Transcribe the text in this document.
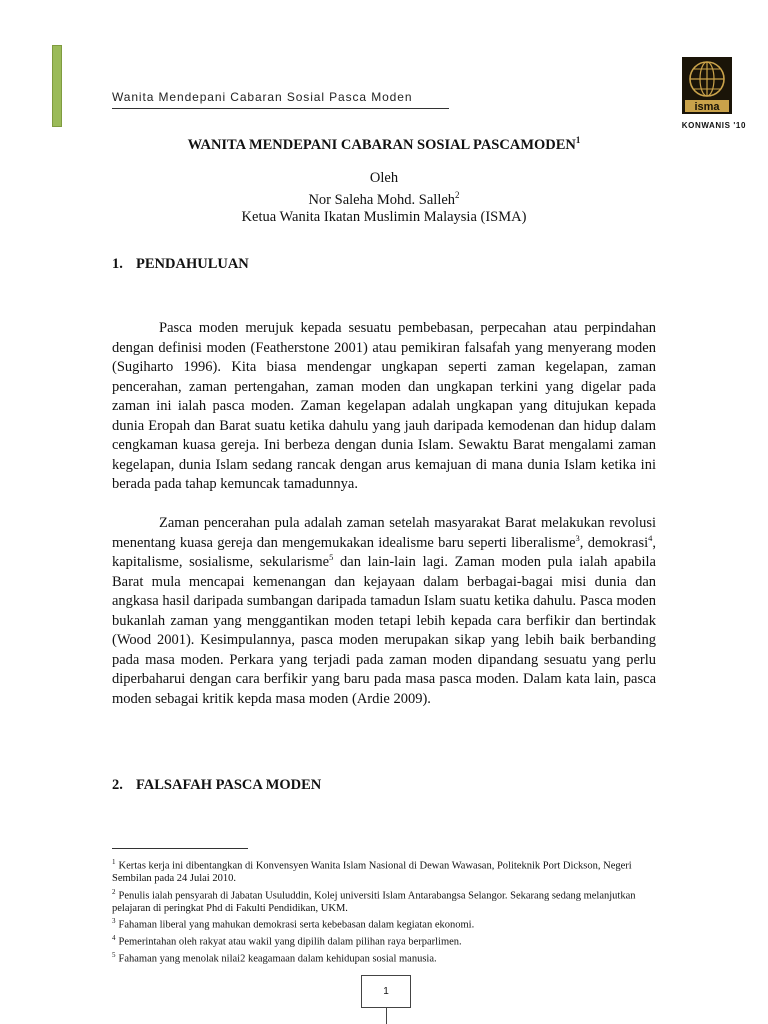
Wanita Mendepani Cabaran Sosial Pasca Moden
isma
KONWANIS '10
WANITA MENDEPANI CABARAN SOSIAL PASCAMODEN$^1$
Oleh
Nor Saleha Mohd. Salleh$^2$
Ketua Wanita Ikatan Muslimin Malaysia (ISMA)
1. PENDAHULUAN

Pasca moden merujuk kepada sesuatu pembebasan, perpecahan atau perpindahan dengan definisi moden (Featherstone 2001) atau pemikiran falsafah yang menyerang moden (Sugiharto 1996). Kita biasa mendengar ungkapan seperti zaman kegelapan, zaman pencerahan, zaman pertengahan, zaman moden dan ungkapan terkini yang digelar pada zaman ini ialah pasca moden. Zaman kegelapan adalah ungkapan yang ditujukan kepada dunia Eropah dan Barat suatu ketika dahulu yang jauh daripada kemodenan dan hidup dalam cengkaman kuasa gereja. Ini berbeza dengan dunia Islam. Sewaktu Barat mengalami zaman kegelapan, dunia Islam sedang rancak dengan arus kemajuan di mana dunia Islam ketika ini berada pada tahap kemuncak tamadunnya.

Zaman pencerahan pula adalah zaman setelah masyarakat Barat melakukan revolusi menentang kuasa gereja dan mengemukakan idealisme baru seperti liberalisme$^3$, demokrasi$^4$, kapitalisme, sosialisme, sekularisme$^5$ dan lain-lain lagi. Zaman moden pula ialah apabila Barat mula mencapai kemenangan dan kejayaan dalam berbagai-bagai misi dunia dan angkasa hasil daripada sumbangan daripada tamadun Islam suatu ketika dahulu. Pasca moden bukanlah zaman yang menggantikan moden tetapi lebih kepada cara berfikir dan bertindak (Wood 2001). Kesimpulannya, pasca moden merupakan sikap yang lebih baik berbanding pada masa moden. Perkara yang terjadi pada zaman moden dipandang sesuatu yang perlu diperbaharui dengan cara berfikir yang baru pada masa pasca moden. Dalam kata lain, pasca moden sebagai kritik kepda masa moden (Ardie 2009).

2. FALSAFAH PASCA MODEN

$^1$ Kertas kerja ini dibentangkan di Konvensyen Wanita Islam Nasional di Dewan Wawasan, Politeknik Port Dickson, Negeri Sembilan pada 24 Julai 2010.

$^2$ Penulis ialah pensyarah di Jabatan Usuluddin, Kolej universiti Islam Antarabangsa Selangor. Sekarang sedang melanjutkan pelajaran di peringkat Phd di Fakulti Pendidikan, UKM.

$^3$ Fahaman liberal yang mahukan demokrasi serta kebebasan dalam kegiatan ekonomi.

$^4$ Pemerintahan oleh rakyat atau wakil yang dipilih dalam pilihan raya berparlimen.

$^5$ Fahaman yang menolak nilai2 keagamaan dalam kehidupan sosial manusia.

1
